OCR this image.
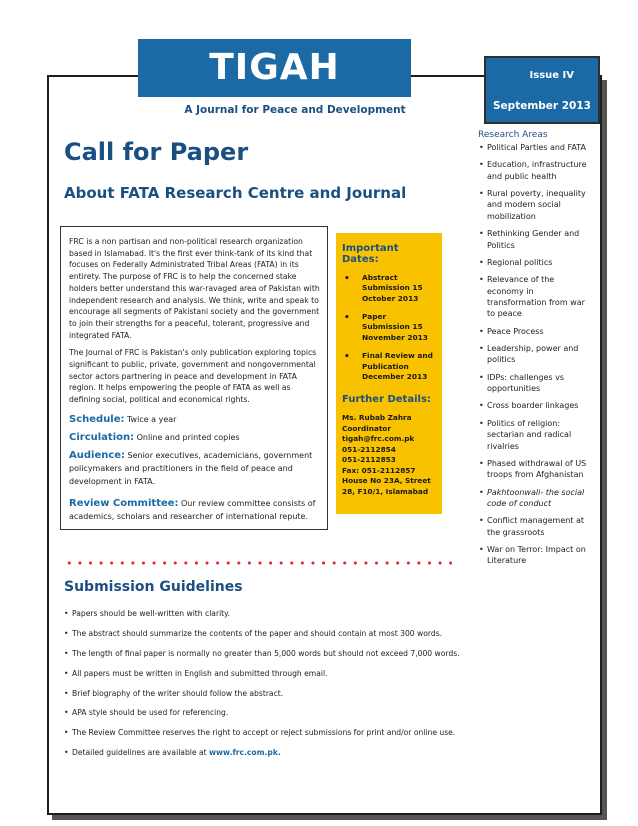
TIGAH
A Journal for Peace and Development
Issue IV
September 2013
Call for Paper
About FATA Research Centre and Journal

FRC is a non partisan and non-political research organization based in Islamabad. It's the first ever think-tank of its kind that focuses on Federally Administrated Tribal Areas (FATA) in its entirety. The purpose of FRC is to help the concerned stake holders better understand this war-ravaged area of Pakistan with independent research and analysis. We think, write and speak to encourage all segments of Pakistani society and the government to join their strengths for a peaceful, tolerant, progressive and integrated FATA.

The Journal of FRC is Pakistan's only publication exploring topics significant to public, private, government and nongovernmental sector actors partnering in peace and development in FATA region. It helps empowering the people of FATA as well as defining social, political and economical rights.

Schedule: Twice a year
Circulation: Online and printed copies
Audience: Senior executives, academicians, government policymakers and practitioners in the field of peace and development in FATA.
Review Committee: Our review committee consists of academics, scholars and researcher of international repute.
Important Dates:
• Abstract Submission 15 October 2013
• Paper Submission 15 November 2013
• Final Review and Publication December 2013
Further Details:
Ms. Rubab Zahra
Coordinator
tigah@frc.com.pk
051-2112854
051-2112853
Fax: 051-2112857
House No 23A, Street 28, F10/1, Islamabad
Research Areas
• Political Parties and FATA
• Education, infrastructure and public health
• Rural poverty, inequality and modern social mobilization
• Rethinking Gender and Politics
• Regional politics
• Relevance of the economy in transformation from war to peace
• Peace Process
• Leadership, power and politics
• IDPs: challenges vs opportunities
• Cross boarder linkages
• Politics of religion: sectarian and radical rivalries
• Phased withdrawal of US troops from Afghanistan
• Pakhtoonwali- the social code of conduct
• Conflict management at the grassroots
• War on Terror: Impact on Literature
Submission Guidelines
• Papers should be well-written with clarity.
• The abstract should summarize the contents of the paper and should contain at most 300 words.
• The length of final paper is normally no greater than 5,000 words but should not exceed 7,000 words.
• All papers must be written in English and submitted through email.
• Brief biography of the writer should follow the abstract.
• APA style should be used for referencing.
• The Review Committee reserves the right to accept or reject submissions for print and/or online use.
• Detailed guidelines are available at www.frc.com.pk.
